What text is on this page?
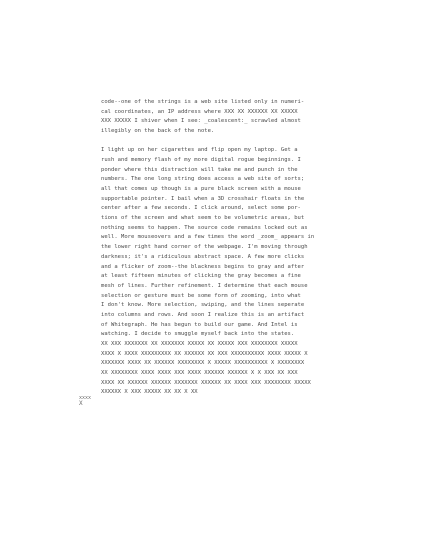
code--one of the strings is a web site listed only in numeri-
cal coordinates, an IP address where XXX XX XXXXXX XX XXXXX
XXX XXXXX I shiver when I see: _coalescent:_ scrawled almost
illegibly on the back of the note.
I light up on her cigarettes and flip open my laptop. Get a
rush and memory flash of my more digital rogue beginnings. I
ponder where this distraction will take me and punch in the
numbers. The one long string does access a web site of sorts;
all that comes up though is a pure black screen with a mouse
supportable pointer. I bail when a 3D crosshair floats in the
center after a few seconds. I click around, select some por-
tions of the screen and what seem to be volumetric areas, but
nothing seems to happen. The source code remains locked out as
well. More mouseovers and a few times the word _zoom_ appears in
the lower right hand corner of the webpage. I'm moving through
darkness; it's a ridiculous abstract space. A few more clicks
and a flicker of zoom--the blackness begins to gray and after
at least fifteen minutes of clicking the gray becomes a fine
mesh of lines. Further refinement. I determine that each mouse
selection or gesture must be some form of zooming, into what
I don't know. More selection, swiping, and the lines seperate
into columns and rows. And soon I realize this is an artifact
of Whitegraph. He has begun to build our game. And Intel is
watching. I decide to smuggle myself back into the states.
XX XXX XXXXXXX XX XXXXXXX XXXXX XX XXXXX XXX XXXXXXXX XXXXX
XXXX X XXXX XXXXXXXXX XX XXXXXX XX XXX XXXXXXXXXX XXXX XXXXX X
XXXXXXX XXXX XX XXXXXX XXXXXXXX X XXXXX XXXXXXXXXX X XXXXXXXX
XX XXXXXXXX XXXX XXXX XXX XXXX XXXXXX XXXXXX X X XXX XX XXX
XXXX XX XXXXXX XXXXXX XXXXXXX XXXXXX XX XXXX XXX XXXXXXXX XXXXX
XXXXXX X XXX XXXXX XX XX X XX
xxxx
X
